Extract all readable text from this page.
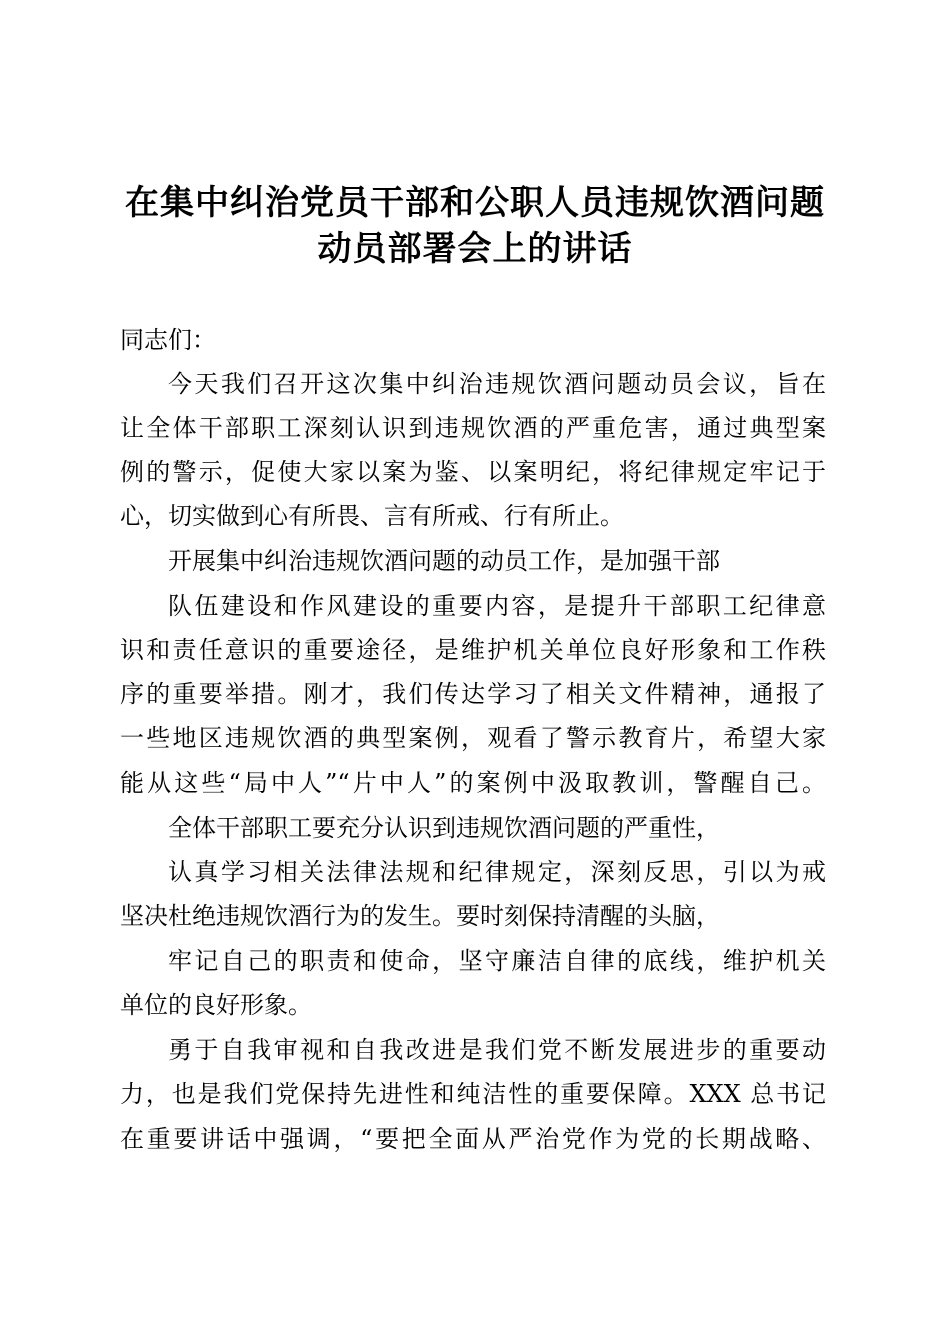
在集中纠治党员干部和公职人员违规饮酒问题
动员部署会上的讲话
同志们：
今天我们召开这次集中纠治违规饮酒问题动员会议，旨在
让全体干部职工深刻认识到违规饮酒的严重危害，通过典型案
例的警示，促使大家以案为鉴、以案明纪，将纪律规定牢记于
心，切实做到心有所畏、言有所戒、行有所止。
开展集中纠治违规饮酒问题的动员工作，是加强干部
队伍建设和作风建设的重要内容，是提升干部职工纪律意
识和责任意识的重要途径，是维护机关单位良好形象和工作秩
序的重要举措。刚才，我们传达学习了相关文件精神，通报了
一些地区违规饮酒的典型案例，观看了警示教育片，希望大家
能从这些“局中人”“片中人”的案例中汲取教训，警醒自己。
全体干部职工要充分认识到违规饮酒问题的严重性，
认真学习相关法律法规和纪律规定，深刻反思，引以为戒
坚决杜绝违规饮酒行为的发生。要时刻保持清醒的头脑，
牢记自己的职责和使命，坚守廉洁自律的底线，维护机关
单位的良好形象。
勇于自我审视和自我改进是我们党不断发展进步的重要动
力，也是我们党保持先进性和纯洁性的重要保障。XXX 总书记
在重要讲话中强调，“要把全面从严治党作为党的长期战略、
